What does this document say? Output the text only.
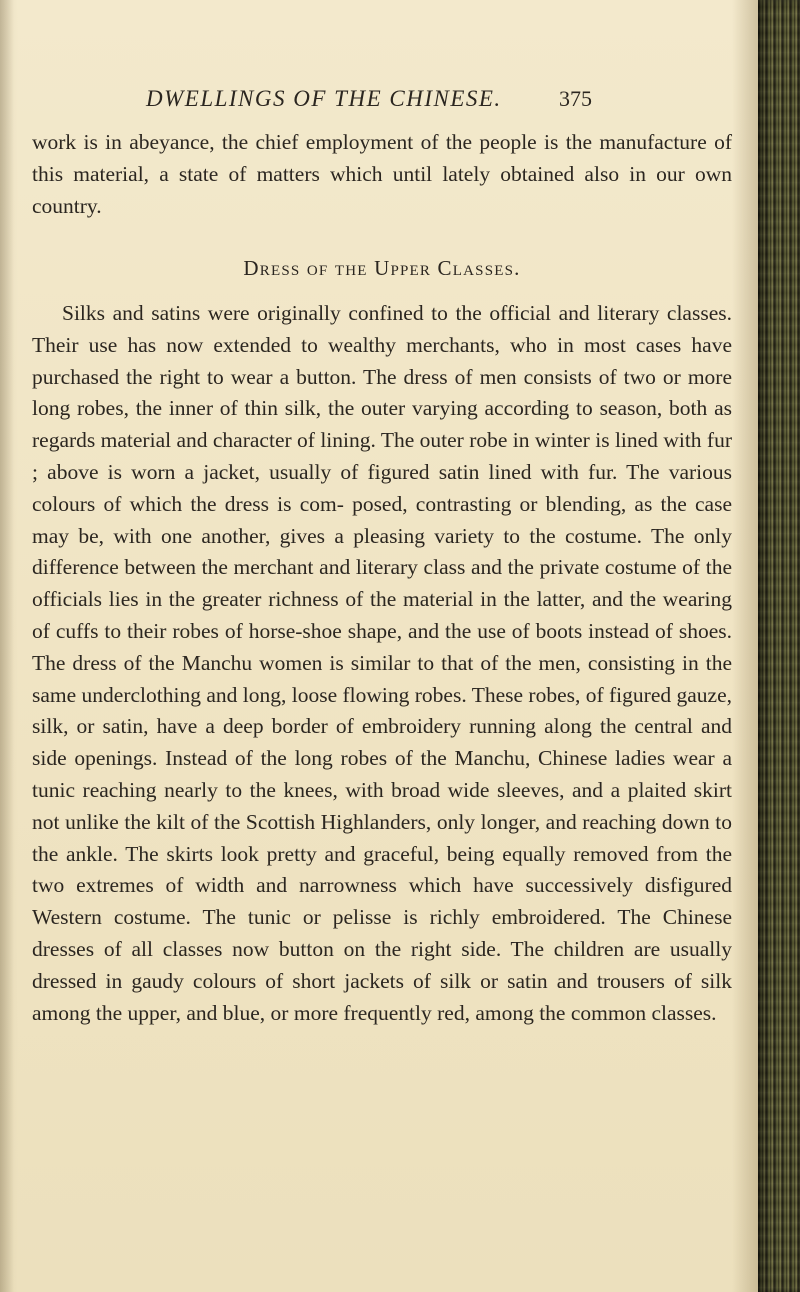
DWELLINGS OF THE CHINESE.	375

work is in abeyance, the chief employment of the people is the manufacture of this material, a state of matters which until lately obtained also in our own country.

Dress of the Upper Classes.

Silks and satins were originally confined to the official and literary classes. Their use has now extended to wealthy merchants, who in most cases have purchased the right to wear a button. The dress of men consists of two or more long robes, the inner of thin silk, the outer varying according to season, both as regards material and character of lining. The outer robe in winter is lined with fur ; above is worn a jacket, usually of figured satin lined with fur. The various colours of which the dress is com- posed, contrasting or blending, as the case may be, with one another, gives a pleasing variety to the costume. The only difference between the merchant and literary class and the private costume of the officials lies in the greater richness of the material in the latter, and the wearing of cuffs to their robes of horse-shoe shape, and the use of boots instead of shoes. The dress of the Manchu women is similar to that of the men, consisting in the same underclothing and long, loose flowing robes. These robes, of figured gauze, silk, or satin, have a deep border of embroidery running along the central and side openings. Instead of the long robes of the Manchu, Chinese ladies wear a tunic reaching nearly to the knees, with broad wide sleeves, and a plaited skirt not unlike the kilt of the Scottish Highlanders, only longer, and reaching down to the ankle. The skirts look pretty and graceful, being equally removed from the two extremes of width and narrowness which have successively disfigured Western costume. The tunic or pelisse is richly embroidered. The Chinese dresses of all classes now button on the right side. The children are usually dressed in gaudy colours of short jackets of silk or satin and trousers of silk among the upper, and blue, or more frequently red, among the common classes.
